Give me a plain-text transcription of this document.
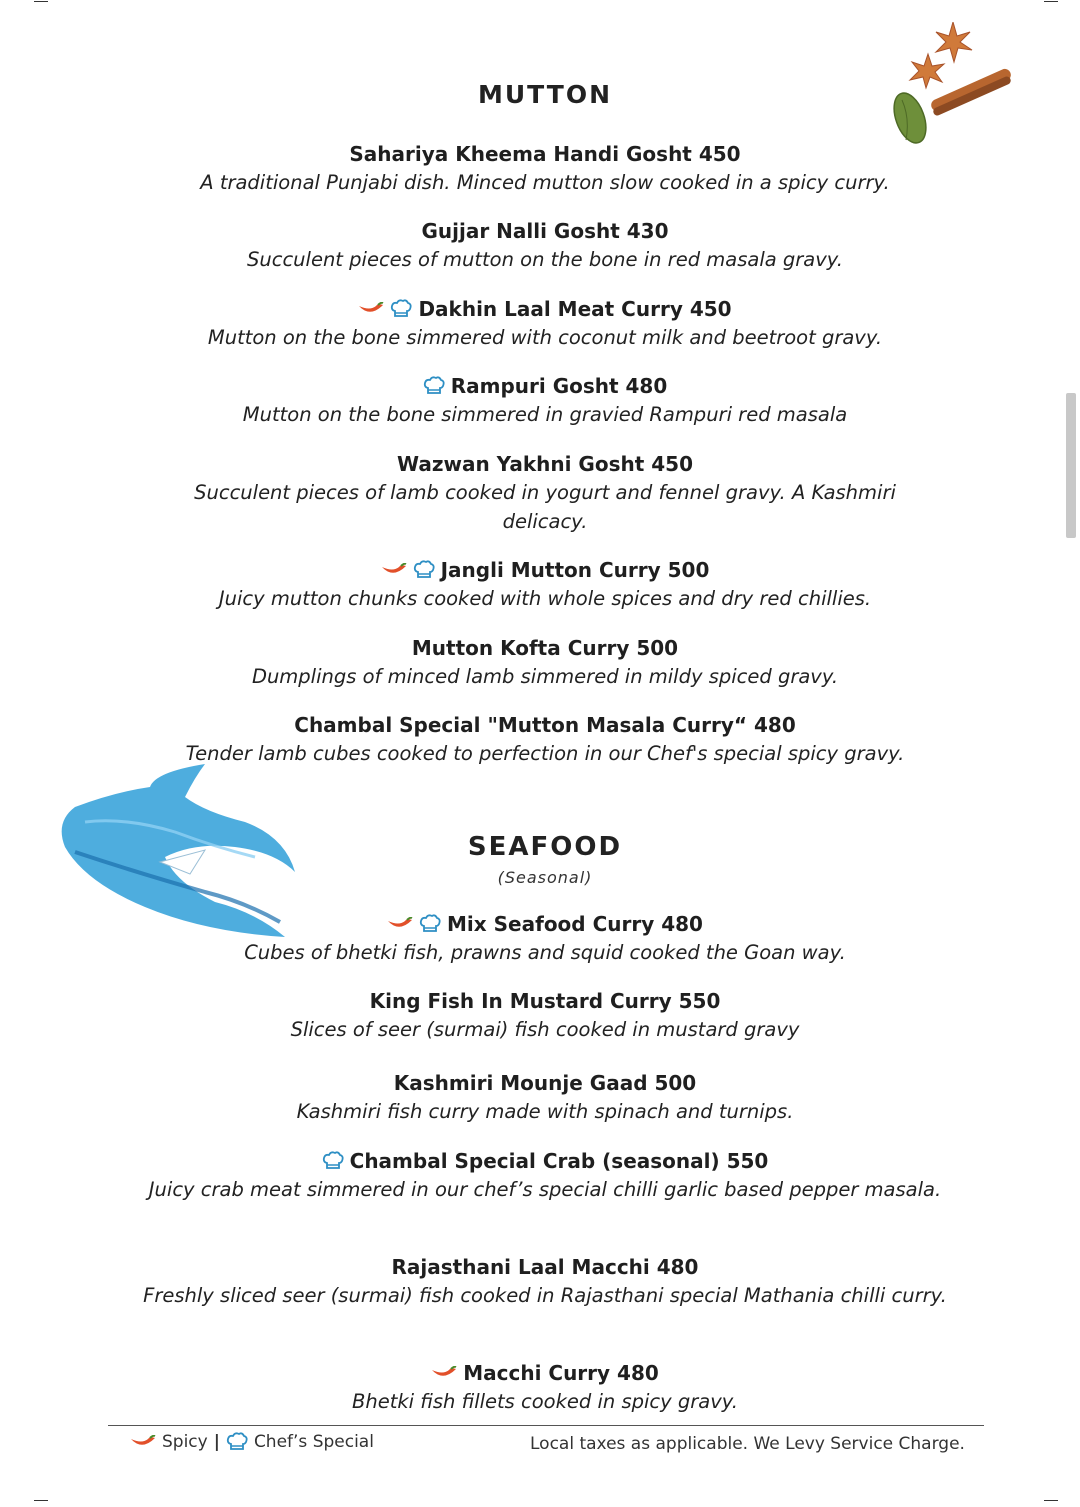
MUTTON
Sahariya Kheema Handi Gosht 450
A traditional Punjabi dish. Minced mutton slow cooked in a spicy curry.
Gujjar Nalli Gosht 430
Succulent pieces of mutton on the bone in red masala gravy.
Dakhin Laal Meat Curry 450
Mutton on the bone simmered with coconut milk and beetroot gravy.
Rampuri Gosht 480
Mutton on the bone simmered in gravied Rampuri red masala
Wazwan Yakhni Gosht 450
Succulent pieces of lamb cooked in yogurt and fennel gravy. A Kashmiri delicacy.
Jangli Mutton Curry 500
Juicy mutton chunks cooked with whole spices and dry red chillies.
Mutton Kofta Curry 500
Dumplings of minced lamb simmered in mildy spiced gravy.
Chambal Special "Mutton Masala Curry“ 480
Tender lamb cubes cooked to perfection in our Chef's special spicy gravy.
SEAFOOD
(Seasonal)
Mix Seafood Curry 480
Cubes of bhetki fish, prawns and squid cooked the Goan way.
King Fish In Mustard Curry 550
Slices of seer (surmai) fish cooked in mustard gravy
Kashmiri Mounje Gaad 500
Kashmiri fish curry made with spinach and turnips.
Chambal Special Crab (seasonal) 550
Juicy crab meat simmered in our chef’s special chilli garlic based pepper masala.
Rajasthani Laal Macchi 480
Freshly sliced seer (surmai) fish cooked in Rajasthani special Mathania chilli curry.
Macchi Curry 480
Bhetki fish fillets cooked in spicy gravy.
Spicy | Chef’s Special	Local taxes as applicable. We Levy Service Charge.
